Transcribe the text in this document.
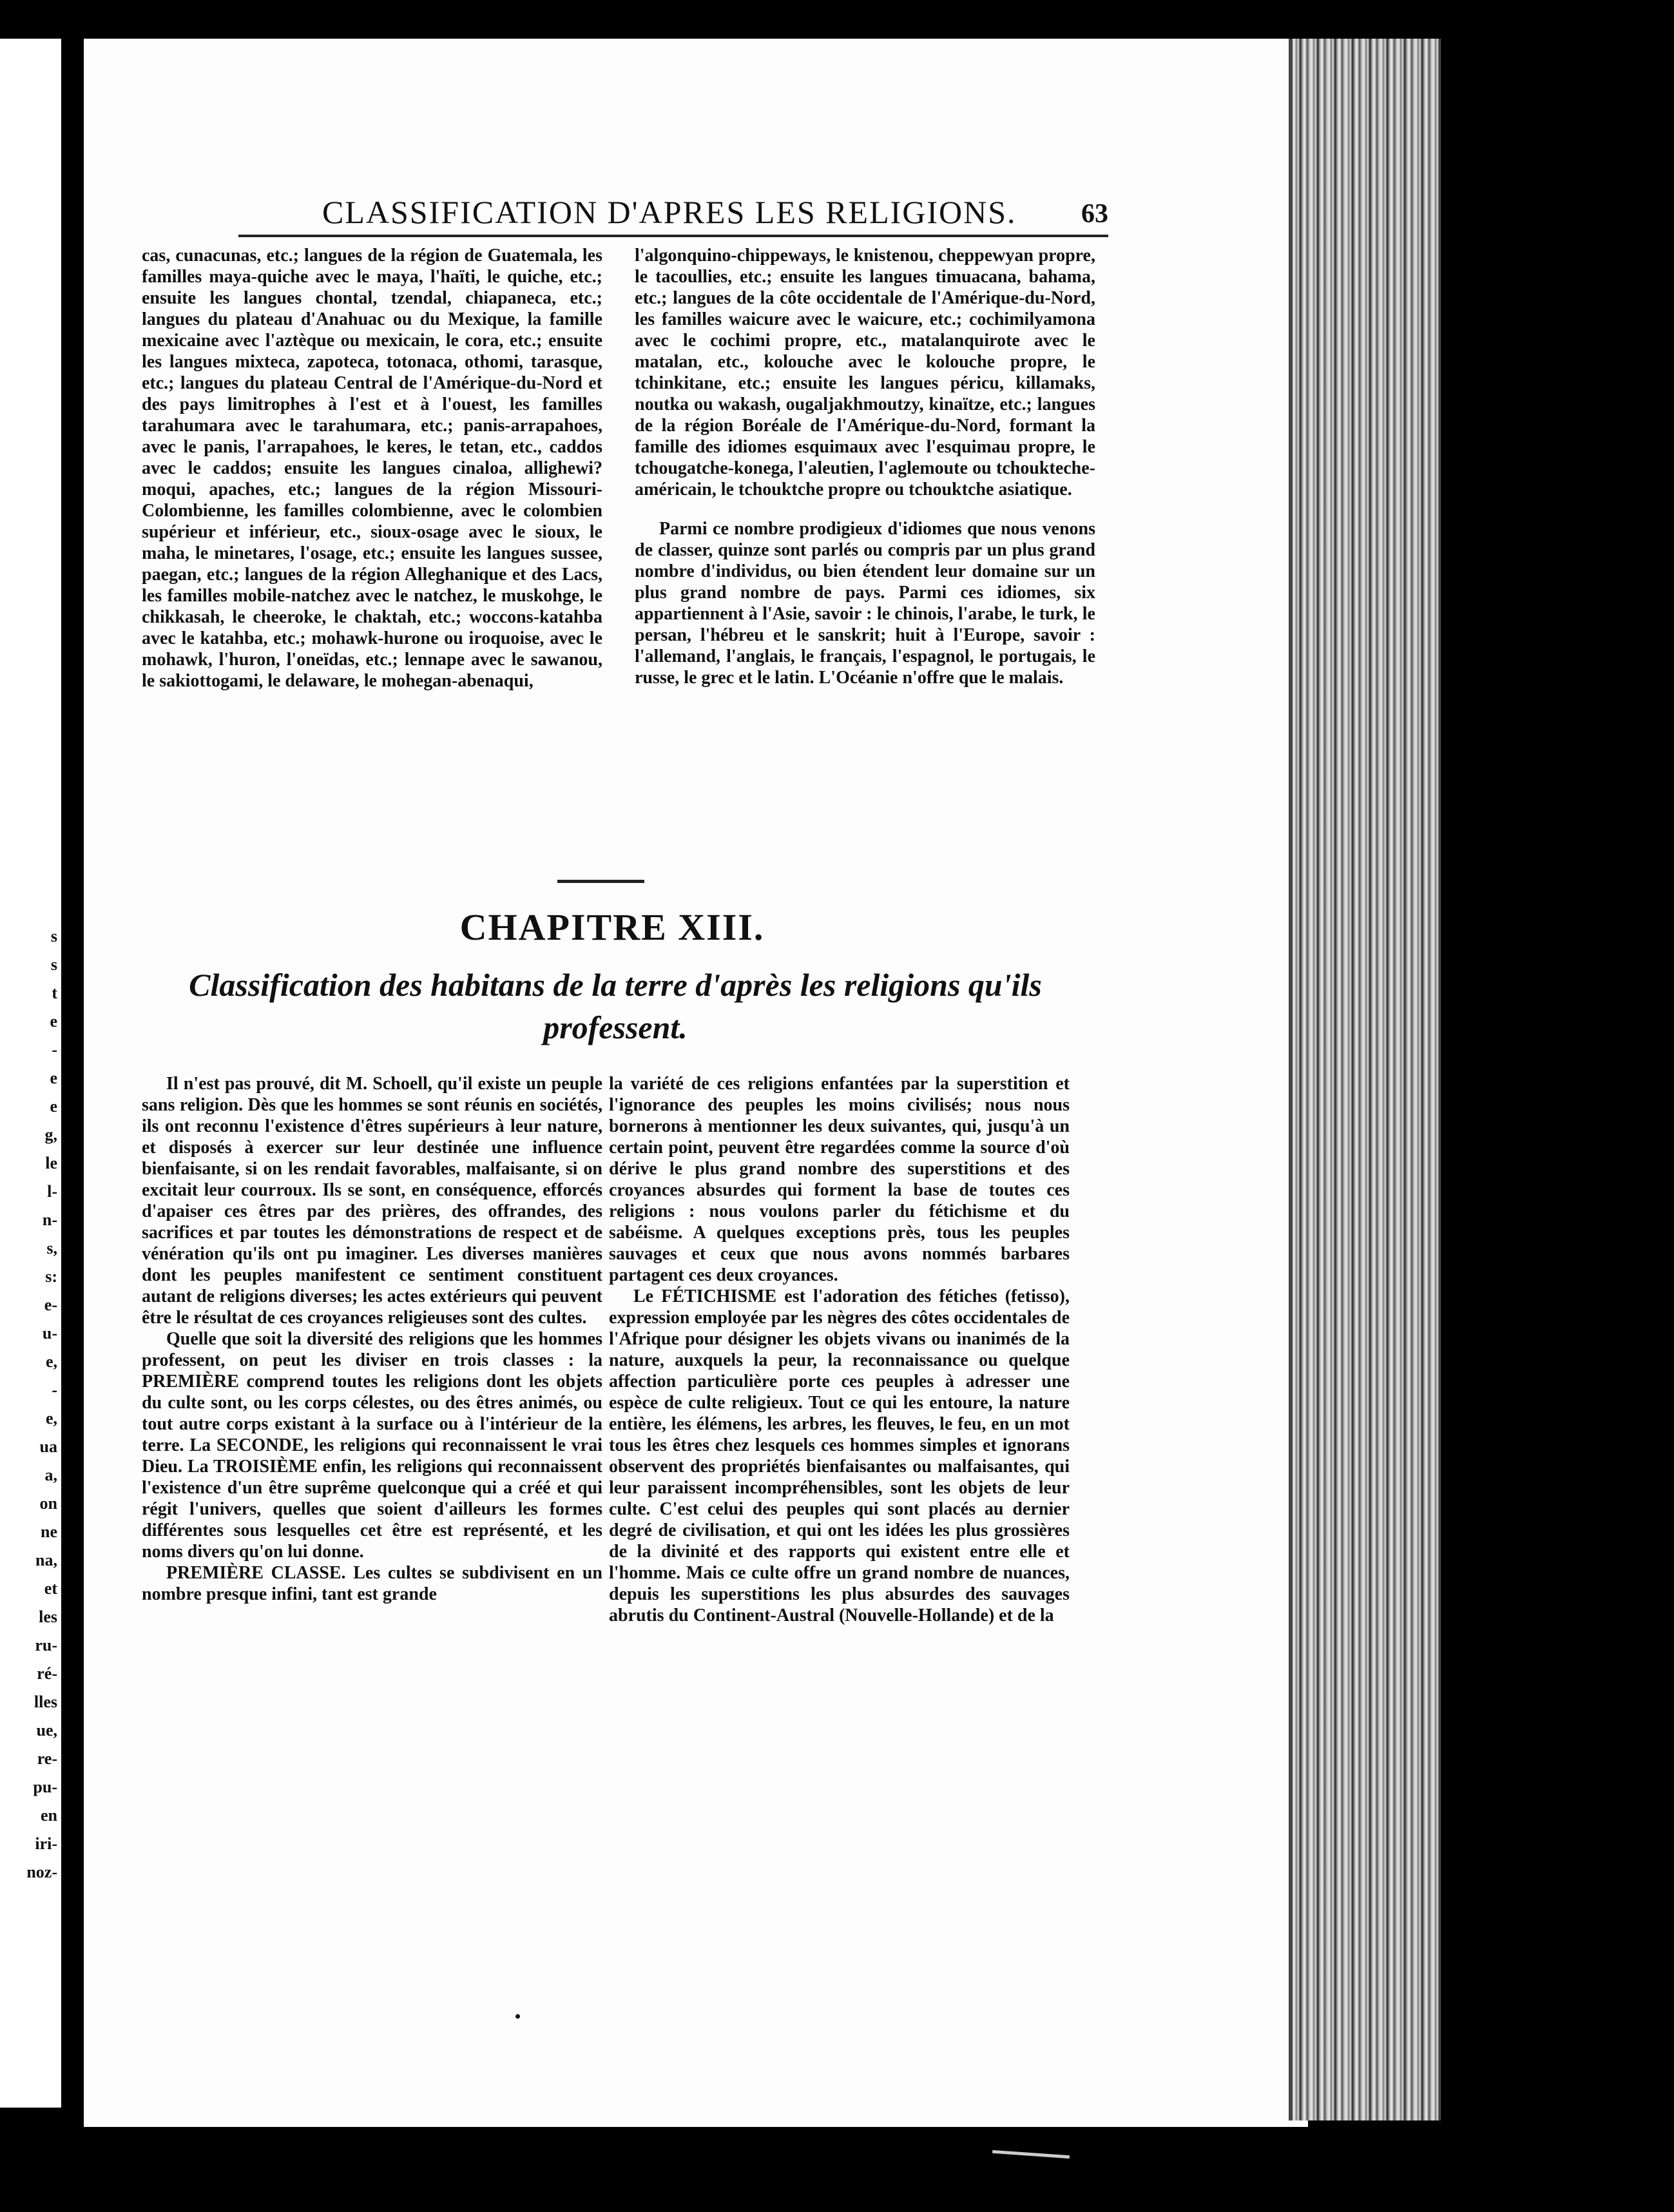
s
s
t
e
-
e
e
g,
le
l-
n-
s,
s:
e-
u-
e,
-
e,
ua
a,
on
ne
na,
et
les
ru-
ré-
lles
ue,
re-
pu-
en
iri-
noz-
CLASSIFICATION D'APRES LES RELIGIONS. 63

cas, cunacunas, etc.; langues de la région de Guatemala, les familles maya-quiche avec le maya, l'haïti, le quiche, etc.; ensuite les langues chontal, tzendal, chiapaneca, etc.; langues du plateau d'Anahuac ou du Mexique, la famille mexicaine avec l'aztèque ou mexicain, le cora, etc.; ensuite les langues mixteca, zapoteca, totonaca, othomi, tarasque, etc.; langues du plateau Central de l'Amérique-du-Nord et des pays limitrophes à l'est et à l'ouest, les familles tarahumara avec le tarahumara, etc.; panis-arrapahoes, avec le panis, l'arrapahoes, le keres, le tetan, etc., caddos avec le caddos; ensuite les langues cinaloa, allighewi? moqui, apaches, etc.; langues de la région Missouri-Colombienne, les familles colombienne, avec le colombien supérieur et inférieur, etc., sioux-osage avec le sioux, le maha, le minetares, l'osage, etc.; ensuite les langues sussee, paegan, etc.; langues de la région Alleghanique et des Lacs, les familles mobile-natchez avec le natchez, le muskohge, le chikkasah, le cheeroke, le chaktah, etc.; woccons-katahba avec le katahba, etc.; mohawk-hurone ou iroquoise, avec le mohawk, l'huron, l'oneïdas, etc.; lennape avec le sawanou, le sakiottogami, le delaware, le mohegan-abenaqui,

l'algonquino-chippeways, le knistenou, cheppewyan propre, le tacoullies, etc.; ensuite les langues timuacana, bahama, etc.; langues de la côte occidentale de l'Amérique-du-Nord, les familles waicure avec le waicure, etc.; cochimilyamona avec le cochimi propre, etc., matalanquirote avec le matalan, etc., kolouche avec le kolouche propre, le tchinkitane, etc.; ensuite les langues péricu, killamaks, noutka ou wakash, ougaljakhmoutzy, kinaïtze, etc.; langues de la région Boréale de l'Amérique-du-Nord, formant la famille des idiomes esquimaux avec l'esquimau propre, le tchougatche-konega, l'aleutien, l'aglemoute ou tchoukteche-américain, le tchouktche propre ou tchouktche asiatique.

Parmi ce nombre prodigieux d'idiomes que nous venons de classer, quinze sont parlés ou compris par un plus grand nombre d'individus, ou bien étendent leur domaine sur un plus grand nombre de pays. Parmi ces idiomes, six appartiennent à l'Asie, savoir : le chinois, l'arabe, le turk, le persan, l'hébreu et le sanskrit; huit à l'Europe, savoir : l'allemand, l'anglais, le français, l'espagnol, le portugais, le russe, le grec et le latin. L'Océanie n'offre que le malais.

CHAPITRE XIII.
Classification des habitans de la terre d'après les religions qu'ils professent.

Il n'est pas prouvé, dit M. Schoell, qu'il existe un peuple sans religion. Dès que les hommes se sont réunis en sociétés, ils ont reconnu l'existence d'êtres supérieurs à leur nature, et disposés à exercer sur leur destinée une influence bienfaisante, si on les rendait favorables, malfaisante, si on excitait leur courroux. Ils se sont, en conséquence, efforcés d'apaiser ces êtres par des prières, des offrandes, des sacrifices et par toutes les démonstrations de respect et de vénération qu'ils ont pu imaginer. Les diverses manières dont les peuples manifestent ce sentiment constituent autant de religions diverses; les actes extérieurs qui peuvent être le résultat de ces croyances religieuses sont des cultes.

Quelle que soit la diversité des religions que les hommes professent, on peut les diviser en trois classes : la PREMIÈRE comprend toutes les religions dont les objets du culte sont, ou les corps célestes, ou des êtres animés, ou tout autre corps existant à la surface ou à l'intérieur de la terre. La SECONDE, les religions qui reconnaissent le vrai Dieu. La TROISIÈME enfin, les religions qui reconnaissent l'existence d'un être suprême quelconque qui a créé et qui régit l'univers, quelles que soient d'ailleurs les formes différentes sous lesquelles cet être est représenté, et les noms divers qu'on lui donne.

PREMIÈRE CLASSE. Les cultes se subdivisent en un nombre presque infini, tant est grande

la variété de ces religions enfantées par la superstition et l'ignorance des peuples les moins civilisés; nous nous bornerons à mentionner les deux suivantes, qui, jusqu'à un certain point, peuvent être regardées comme la source d'où dérive le plus grand nombre des superstitions et des croyances absurdes qui forment la base de toutes ces religions : nous voulons parler du fétichisme et du sabéisme. A quelques exceptions près, tous les peuples sauvages et ceux que nous avons nommés barbares partagent ces deux croyances.

Le FÉTICHISME est l'adoration des fétiches (fetisso), expression employée par les nègres des côtes occidentales de l'Afrique pour désigner les objets vivans ou inanimés de la nature, auxquels la peur, la reconnaissance ou quelque affection particulière porte ces peuples à adresser une espèce de culte religieux. Tout ce qui les entoure, la nature entière, les élémens, les arbres, les fleuves, le feu, en un mot tous les êtres chez lesquels ces hommes simples et ignorans observent des propriétés bienfaisantes ou malfaisantes, qui leur paraissent incompréhensibles, sont les objets de leur culte. C'est celui des peuples qui sont placés au dernier degré de civilisation, et qui ont les idées les plus grossières de la divinité et des rapports qui existent entre elle et l'homme. Mais ce culte offre un grand nombre de nuances, depuis les superstitions les plus absurdes des sauvages abrutis du Continent-Austral (Nouvelle-Hollande) et de la
